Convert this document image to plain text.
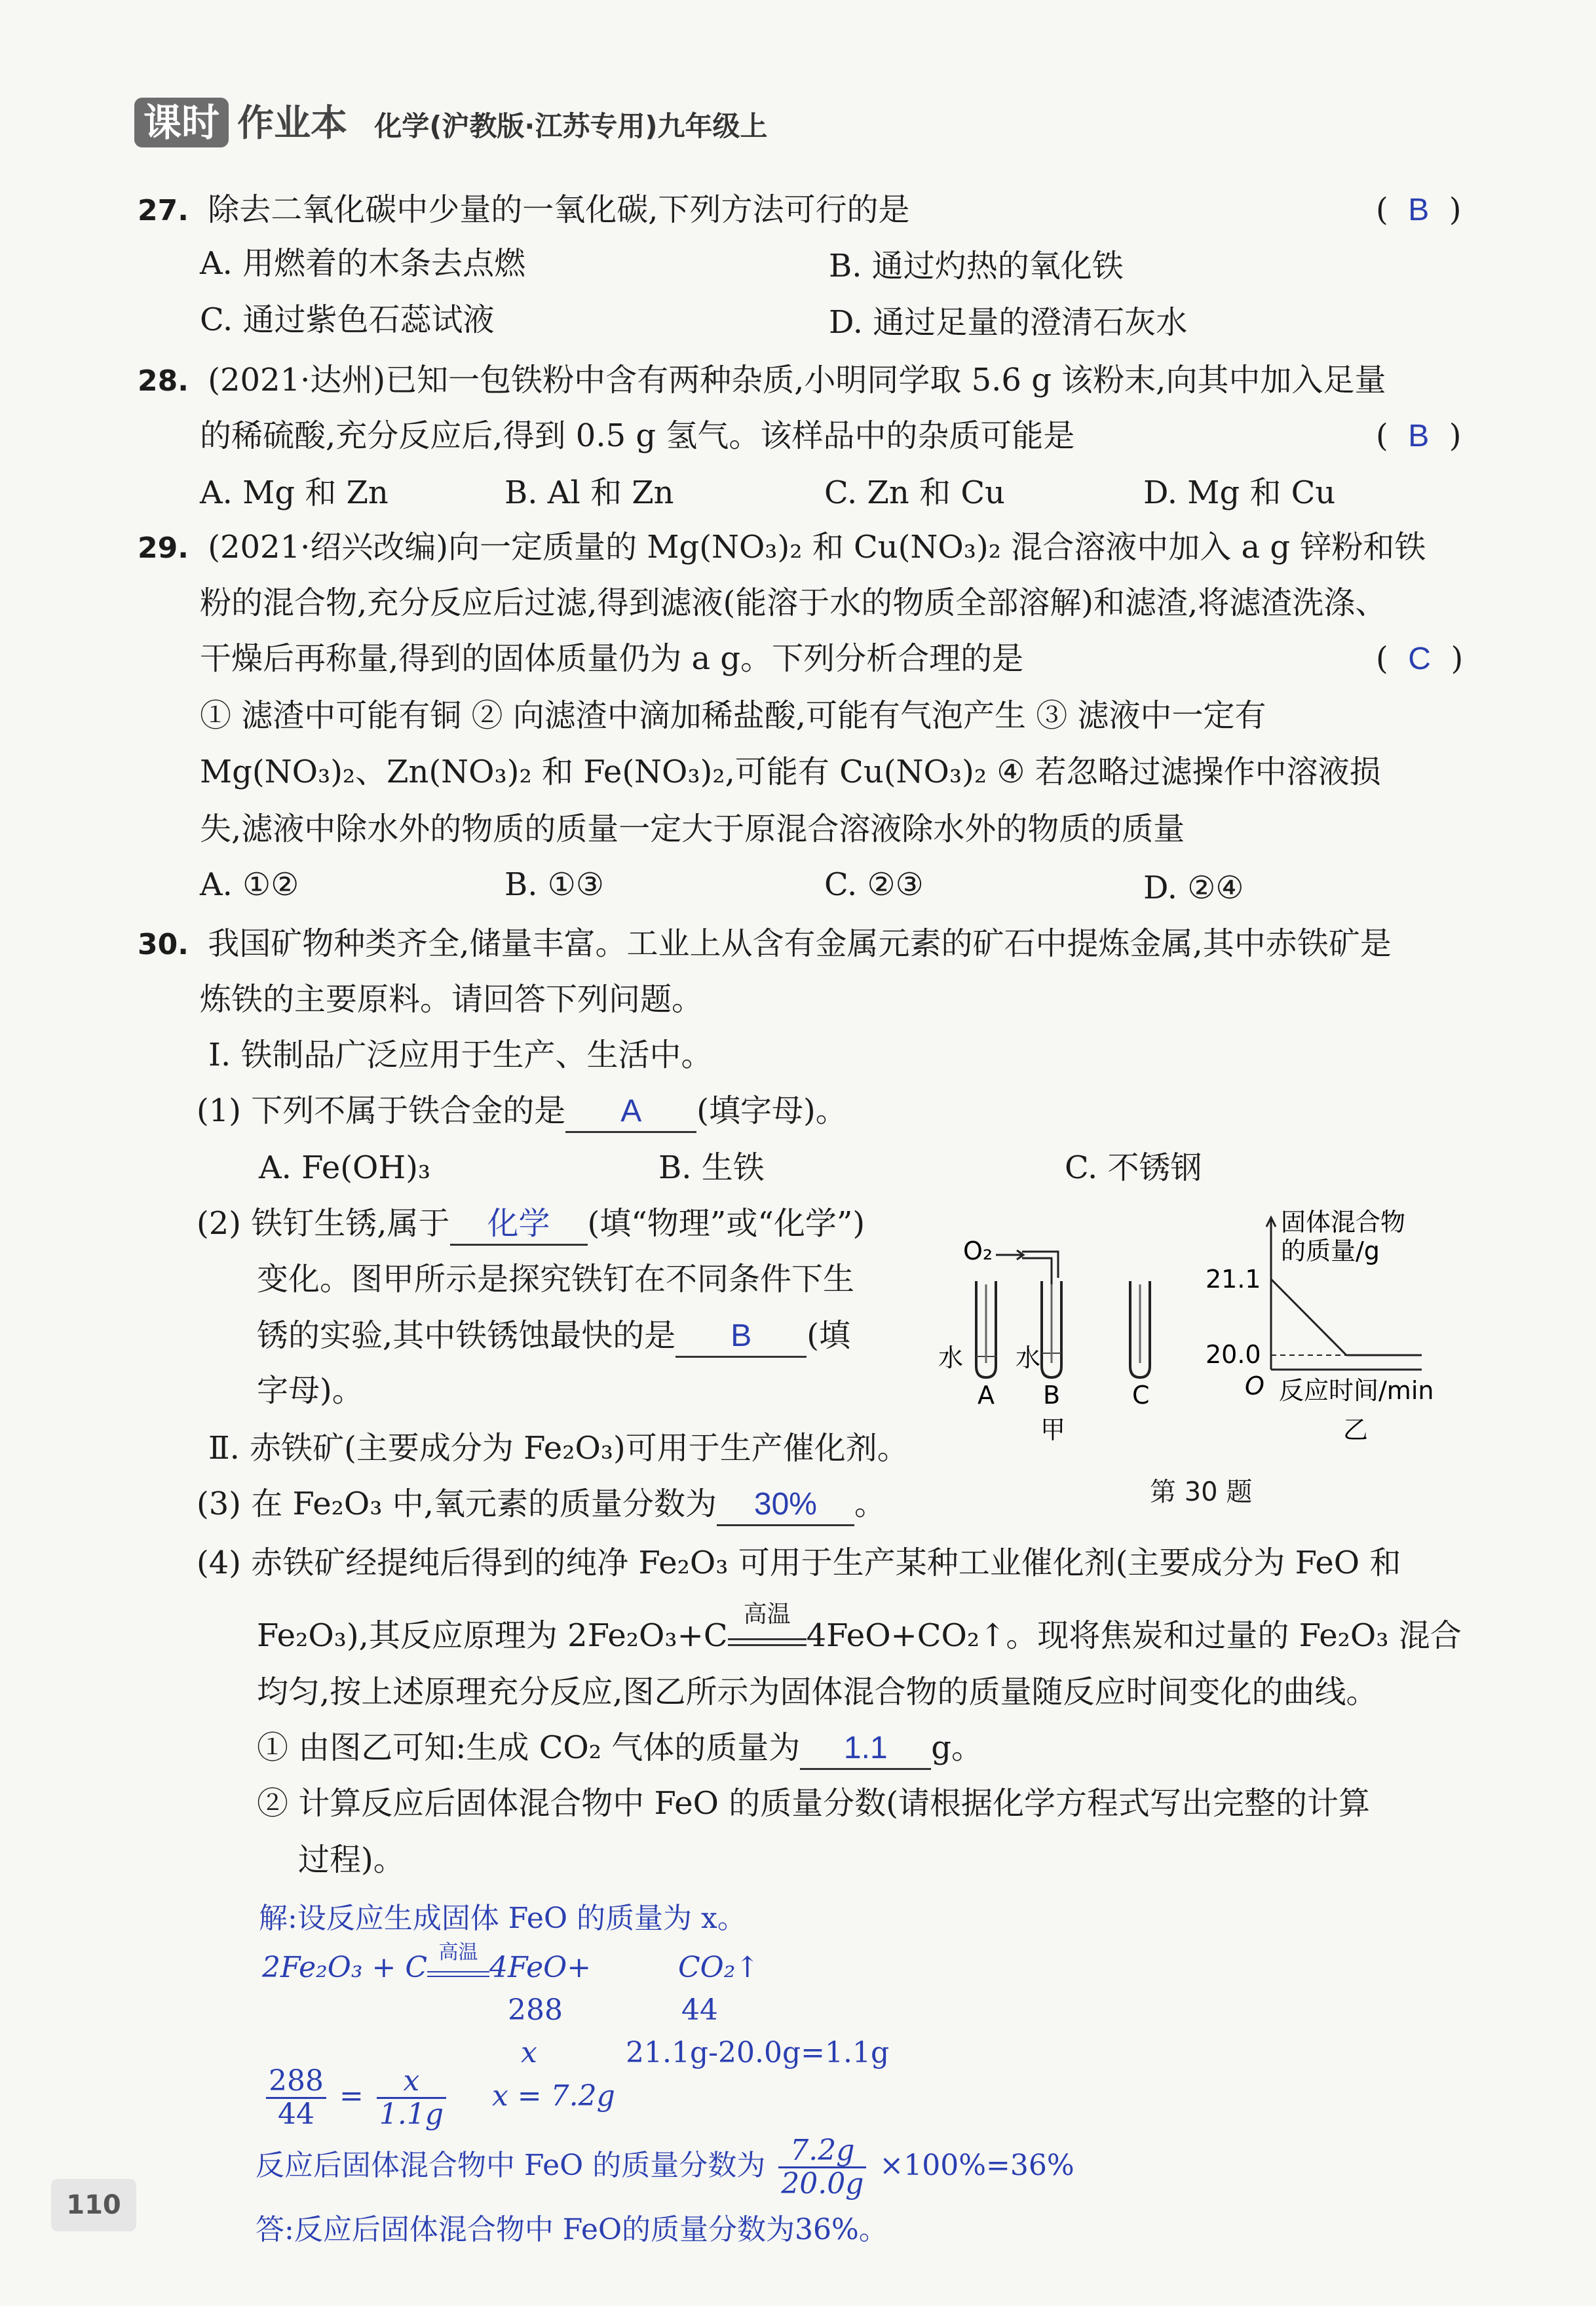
课时 作业本 化学(沪教版·江苏专用)九年级上
27. 除去二氧化碳中少量的一氧化碳,下列方法可行的是	(  B  )
A. 用燃着的木条去点燃	B. 通过灼热的氧化铁
C. 通过紫色石蕊试液	D. 通过足量的澄清石灰水
28. (2021·达州)已知一包铁粉中含有两种杂质,小明同学取 5.6 g 该粉末,向其中加入足量
的稀硫酸,充分反应后,得到 0.5 g 氢气。该样品中的杂质可能是	(  B  )
A. Mg 和 Zn	B. Al 和 Zn	C. Zn 和 Cu	D. Mg 和 Cu
29. (2021·绍兴改编)向一定质量的 Mg(NO₃)₂ 和 Cu(NO₃)₂ 混合溶液中加入 a g 锌粉和铁
粉的混合物,充分反应后过滤,得到滤液(能溶于水的物质全部溶解)和滤渣,将滤渣洗涤、
干燥后再称量,得到的固体质量仍为 a g。下列分析合理的是	(  C  )
① 滤渣中可能有铜 ② 向滤渣中滴加稀盐酸,可能有气泡产生 ③ 滤液中一定有
Mg(NO₃)₂、Zn(NO₃)₂ 和 Fe(NO₃)₂,可能有 Cu(NO₃)₂ ④ 若忽略过滤操作中溶液损
失,滤液中除水外的物质的质量一定大于原混合溶液除水外的物质的质量
A. ①②	B. ①③	C. ②③	D. ②④
30. 我国矿物种类齐全,储量丰富。工业上从含有金属元素的矿石中提炼金属,其中赤铁矿是
炼铁的主要原料。请回答下列问题。
Ⅰ. 铁制品广泛应用于生产、生活中。
(1) 下列不属于铁合金的是 A (填字母)。
A. Fe(OH)₃	B. 生铁	C. 不锈钢
(2) 铁钉生锈,属于 化学 (填“物理”或“化学”)
变化。图甲所示是探究铁钉在不同条件下生
锈的实验,其中铁锈蚀最快的是 B (填
字母)。
Ⅱ. 赤铁矿(主要成分为 Fe₂O₃)可用于生产催化剂。
(3) 在 Fe₂O₃ 中,氧元素的质量分数为 30% 。
(4) 赤铁矿经提纯后得到的纯净 Fe₂O₃ 可用于生产某种工业催化剂(主要成分为 FeO 和
Fe₂O₃),其反应原理为 2Fe₂O₃+C
高温
4FeO+CO₂↑。现将焦炭和过量的 Fe₂O₃ 混合
均匀,按上述原理充分反应,图乙所示为固体混合物的质量随反应时间变化的曲线。
① 由图乙可知:生成 CO₂ 气体的质量为 1.1 g。
② 计算反应后固体混合物中 FeO 的质量分数(请根据化学方程式写出完整的计算
过程)。
O₂
水 水
A B	C
甲
固体混合物
的质量/g
21.1
20.0
O 反应时间/min
乙
第 30 题
解:设反应生成固体 FeO 的质量为 x。
2Fe₂O₃ + C 高温 4FeO+	CO₂↑
288	44
x	21.1g-20.0g=1.1g
$\frac{288}{44} = \frac{x}{1.1g}$ x = 7.2g
反应后固体混合物中 FeO 的质量分数为 $\frac{7.2g}{20.0g} \times 100\%=36\%$
答:反应后固体混合物中 FeO的质量分数为36%。
110
